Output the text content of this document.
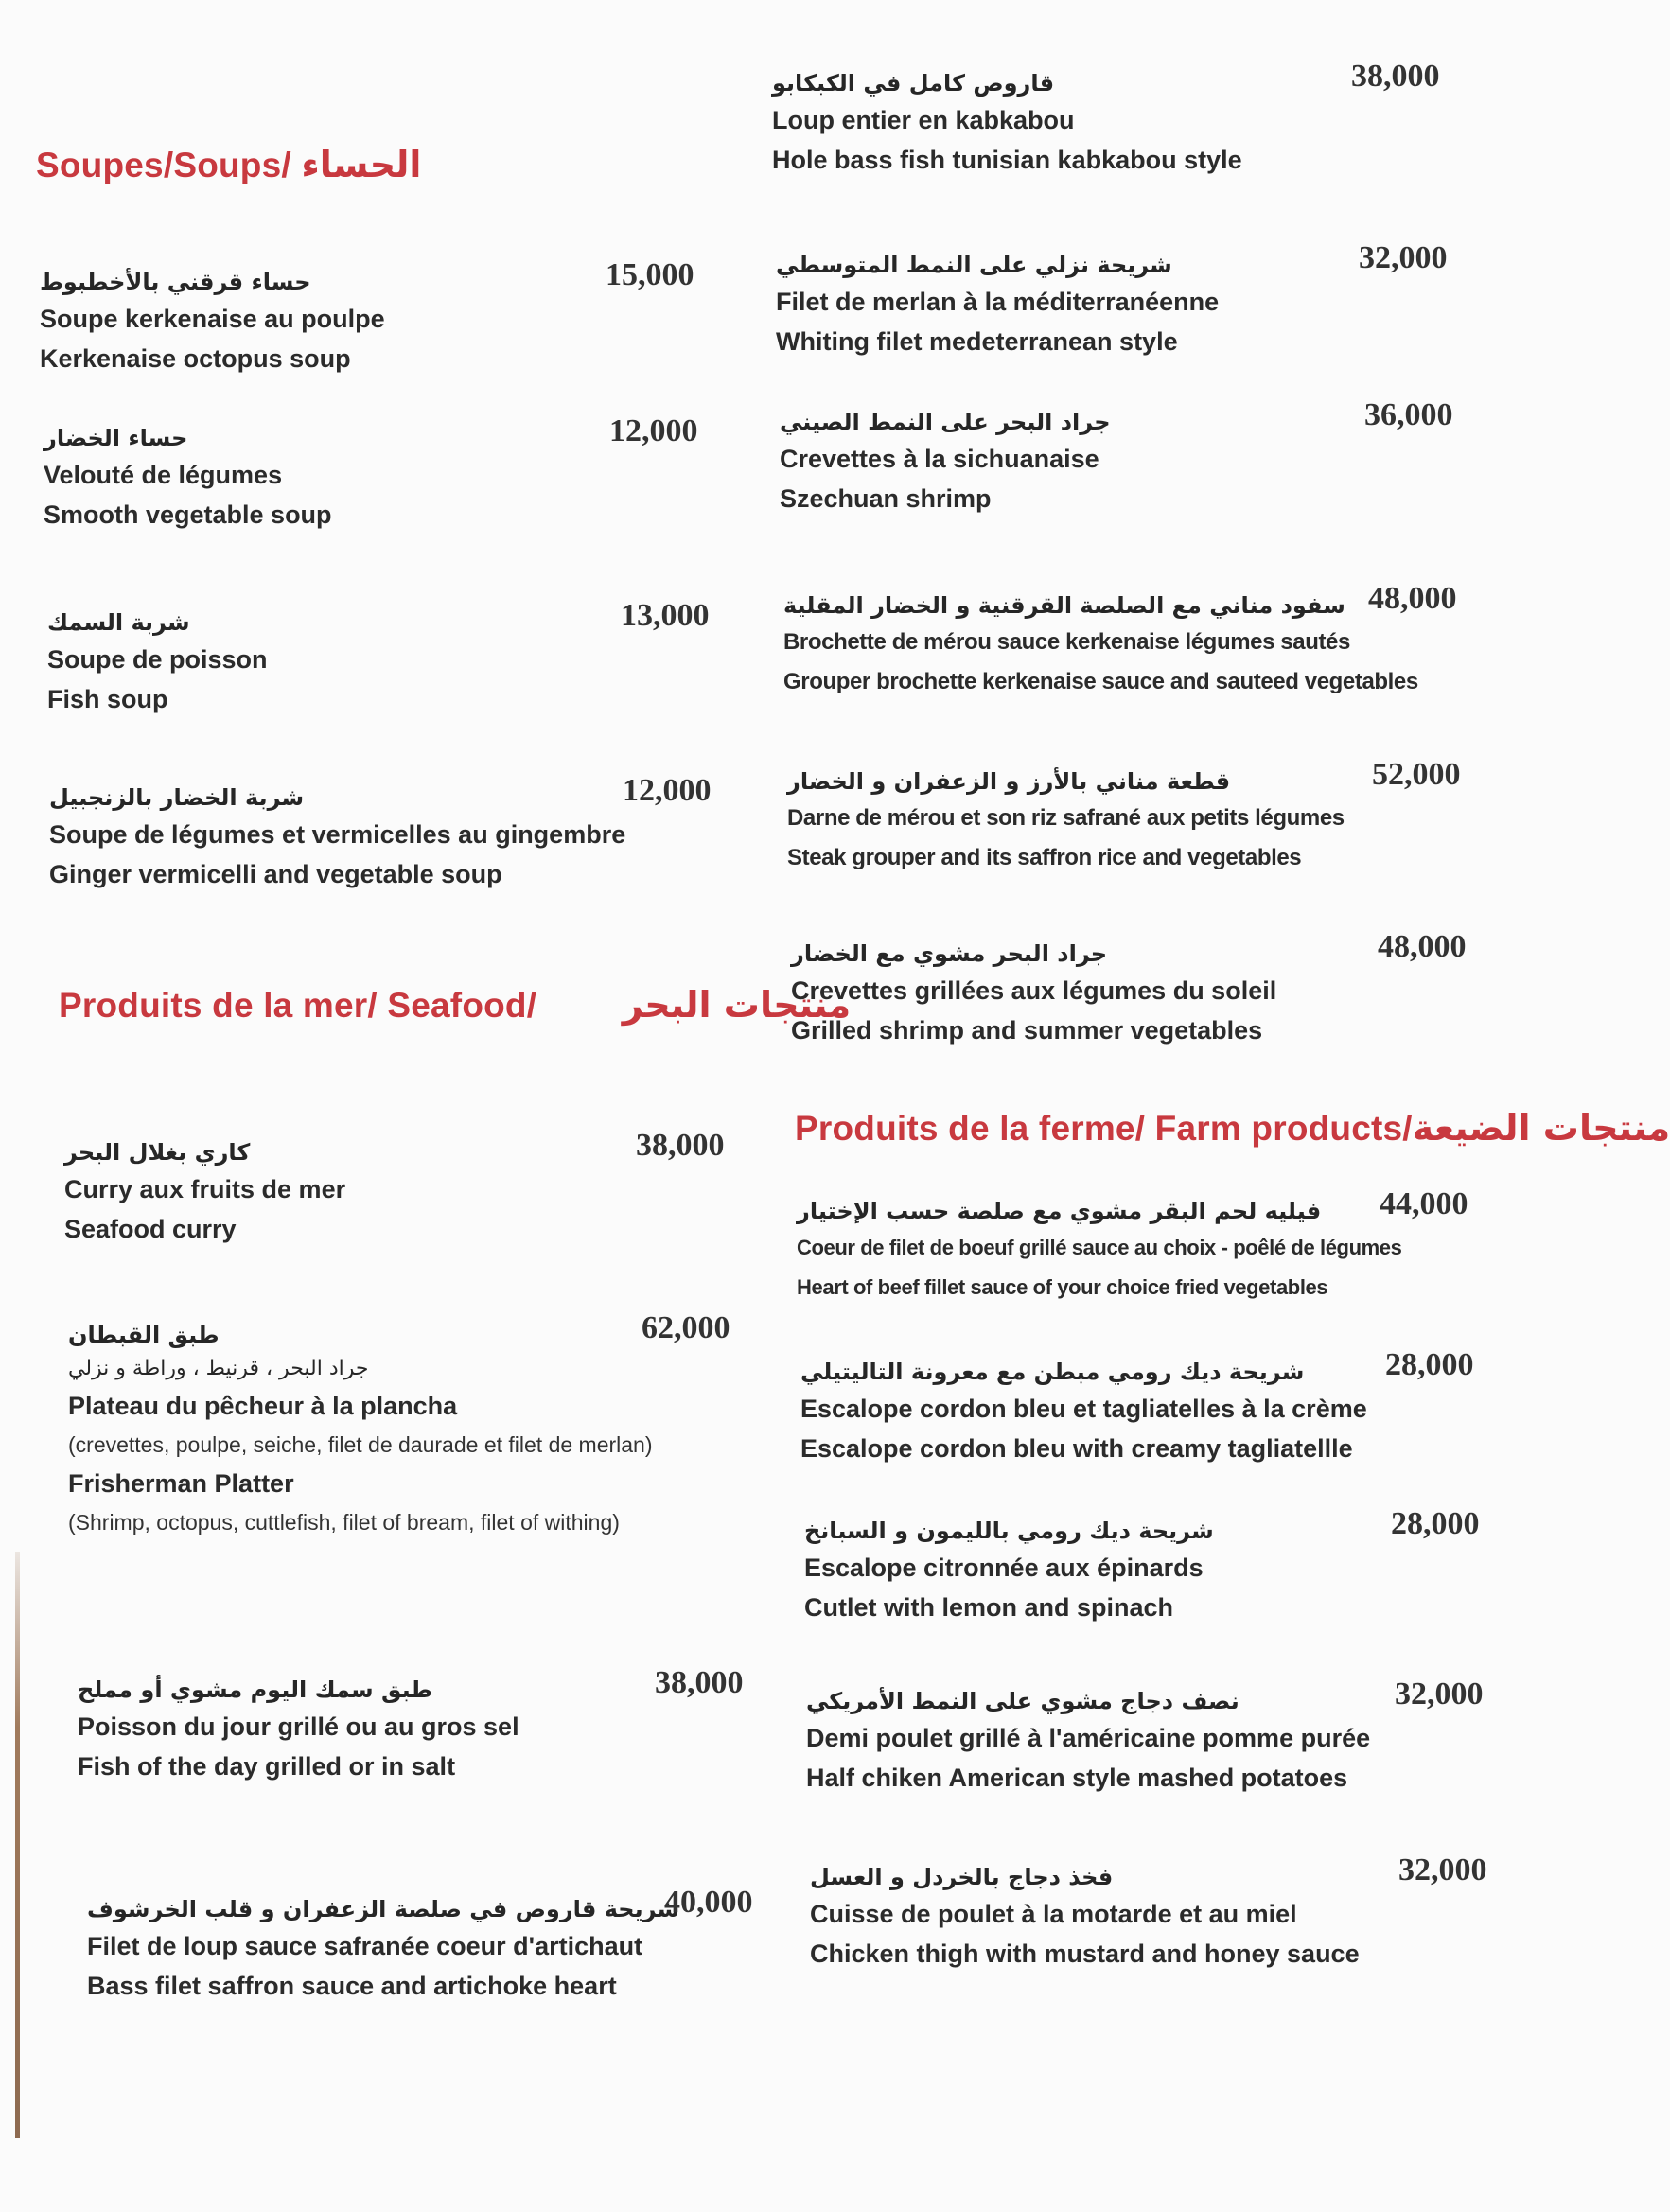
Soupes/Soups/ الحساء
حساء قرقني بالأخطبوط
Soupe kerkenaise au poulpe
Kerkenaise octopus soup
15,000
حساء الخضار
Velouté de légumes
Smooth vegetable soup
12,000
شربة السمك
Soupe de poisson
Fish soup
13,000
شربة الخضار بالزنجبيل
Soupe de légumes et vermicelles au gingembre
Ginger vermicelli and vegetable soup
12,000
Produits de la mer/ Seafood/ منتجات البحر
كاري بغلال البحر
Curry aux fruits de mer
Seafood curry
38,000
طبق القبطان
جراد البحر ، قرنيط ، وراطة و نزلي
Plateau du pêcheur à la plancha
(crevettes, poulpe, seiche, filet de daurade et filet de merlan)
Frisherman Platter
(Shrimp, octopus, cuttlefish, filet of bream, filet of withing)
62,000
طبق سمك اليوم مشوي أو مملح
Poisson du jour grillé ou au gros sel
Fish of the day grilled or in salt
38,000
شريحة قاروص في صلصة الزعفران و قلب الخرشوف
Filet de loup sauce safranée coeur d'artichaut
Bass filet saffron sauce and artichoke heart
40,000
قاروص كامل في الكبكابو
Loup entier en kabkabou
Hole bass fish tunisian kabkabou style
38,000
شريحة نزلي على النمط المتوسطي
Filet de merlan à la méditerranéenne
Whiting filet medeterranean style
32,000
جراد البحر على النمط الصيني
Crevettes à la sichuanaise
Szechuan shrimp
36,000
سفود مناني مع الصلصة القرقنية و الخضار المقلية
Brochette de mérou sauce kerkenaise légumes sautés
Grouper brochette kerkenaise sauce and sauteed vegetables
48,000
قطعة مناني بالأرز و الزعفران و الخضار
Darne de mérou et son riz safrané aux petits légumes
Steak grouper and its saffron rice and vegetables
52,000
جراد البحر مشوي مع الخضار
Crevettes grillées aux légumes du soleil
Grilled shrimp and summer vegetables
48,000
Produits de la ferme/ Farm products/منتجات الضيعة
فيليه لحم البقر مشوي مع صلصة حسب الإختيار
Coeur de filet de boeuf grillé sauce au choix - poêlé de légumes
Heart of beef fillet sauce of your choice fried vegetables
44,000
شريحة ديك رومي مبطن مع معرونة التاليتيلي
Escalope cordon bleu et tagliatelles à la crème
Escalope cordon bleu with creamy tagliatellle
28,000
شريحة ديك رومي بالليمون و السبانخ
Escalope citronnée aux épinards
Cutlet with lemon and spinach
28,000
نصف دجاج مشوي على النمط الأمريكي
Demi poulet grillé à l'américaine pomme purée
Half chiken American style mashed potatoes
32,000
فخذ دجاج بالخردل و العسل
Cuisse de poulet à la motarde et au miel
Chicken thigh with mustard and honey sauce
32,000
